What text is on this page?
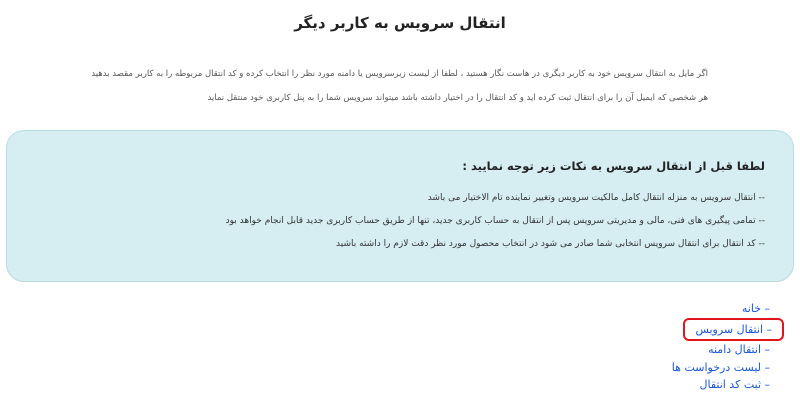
انتقال سرویس به کاربر دیگر

اگر مایل به انتقال سرویس خود به کاربر دیگری در هاست نگار هستید ، لطفا از لیست زیرسرویس یا دامنه مورد نظر را انتخاب کرده و کد انتقال مربوطه را به کاربر مقصد بدهید

هر شخصی که ایمیل آن را برای انتقال ثبت کرده اید و کد انتقال را در اختیار داشته باشد میتواند سرویس شما را به پنل کاربری خود منتقل نماید

لطفا قبل از انتقال سرویس به نکات زیر توجه نمایید :
-- انتقال سرویس به منزله انتقال کامل مالکیت سرویس وتغییر نماینده تام الاختیار می باشد
-- تمامی پیگیری های فنی، مالی و مدیریتی سرویس پس از انتقال به حساب کاربری جدید، تنها از طریق حساب کاربری جدید قابل انجام خواهد بود
-- کد انتقال برای انتقال سرویس انتخابی شما صادر می شود در انتخاب محصول مورد نظر دقت لازم را داشته باشید
– خانه
– انتقال سرویس
– انتقال دامنه
– لیست درخواست ها
– ثبت کد انتقال
